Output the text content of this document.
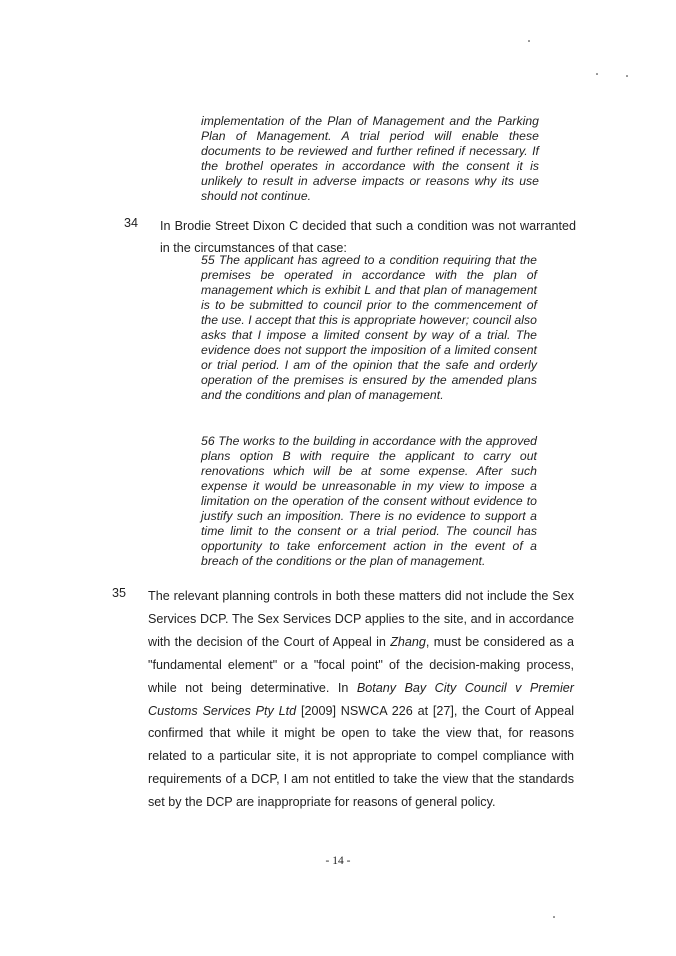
implementation of the Plan of Management and the Parking Plan of Management. A trial period will enable these documents to be reviewed and further refined if necessary. If the brothel operates in accordance with the consent it is unlikely to result in adverse impacts or reasons why its use should not continue.
34 In Brodie Street Dixon C decided that such a condition was not warranted in the circumstances of that case:
55 The applicant has agreed to a condition requiring that the premises be operated in accordance with the plan of management which is exhibit L and that plan of management is to be submitted to council prior to the commencement of the use. I accept that this is appropriate however; council also asks that I impose a limited consent by way of a trial. The evidence does not support the imposition of a limited consent or trial period. I am of the opinion that the safe and orderly operation of the premises is ensured by the amended plans and the conditions and plan of management.
56 The works to the building in accordance with the approved plans option B with require the applicant to carry out renovations which will be at some expense. After such expense it would be unreasonable in my view to impose a limitation on the operation of the consent without evidence to justify such an imposition. There is no evidence to support a time limit to the consent or a trial period. The council has opportunity to take enforcement action in the event of a breach of the conditions or the plan of management.
35 The relevant planning controls in both these matters did not include the Sex Services DCP. The Sex Services DCP applies to the site, and in accordance with the decision of the Court of Appeal in Zhang, must be considered as a "fundamental element" or a "focal point" of the decision-making process, while not being determinative. In Botany Bay City Council v Premier Customs Services Pty Ltd [2009] NSWCA 226 at [27], the Court of Appeal confirmed that while it might be open to take the view that, for reasons related to a particular site, it is not appropriate to compel compliance with requirements of a DCP, I am not entitled to take the view that the standards set by the DCP are inappropriate for reasons of general policy.
- 14 -
